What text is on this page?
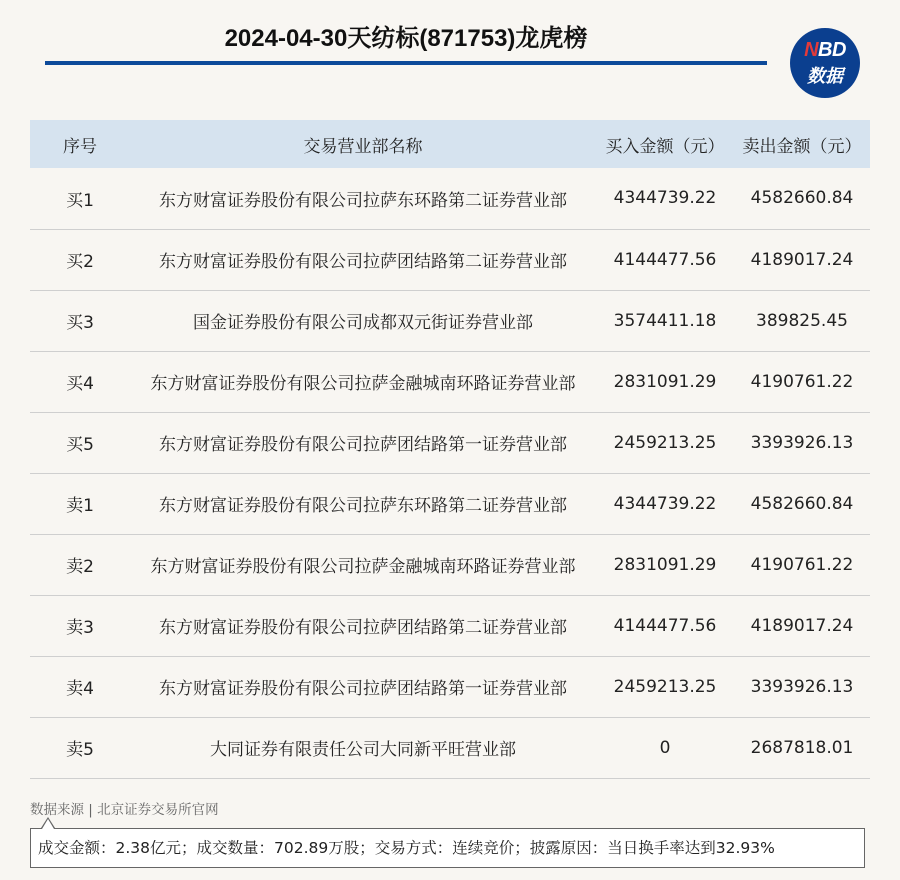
2024-04-30天纺标(871753)龙虎榜	NBD
数据
序号	交易营业部名称	买入金额（元）	卖出金额（元）
买1	东方财富证券股份有限公司拉萨东环路第二证券营业部	4344739.22	4582660.84
买2	东方财富证券股份有限公司拉萨团结路第二证券营业部	4144477.56	4189017.24
买3	国金证券股份有限公司成都双元街证券营业部	3574411.18	389825.45
买4	东方财富证券股份有限公司拉萨金融城南环路证券营业部	2831091.29	4190761.22
买5	东方财富证券股份有限公司拉萨团结路第一证券营业部	2459213.25	3393926.13
卖1	东方财富证券股份有限公司拉萨东环路第二证券营业部	4344739.22	4582660.84
卖2	东方财富证券股份有限公司拉萨金融城南环路证券营业部	2831091.29	4190761.22
卖3	东方财富证券股份有限公司拉萨团结路第二证券营业部	4144477.56	4189017.24
卖4	东方财富证券股份有限公司拉萨团结路第一证券营业部	2459213.25	3393926.13
卖5	大同证券有限责任公司大同新平旺营业部	0	2687818.01
数据来源 | 北京证券交易所官网
成交金额：2.38亿元；成交数量：702.89万股；交易方式：连续竞价；披露原因：当日换手率达到32.93%
